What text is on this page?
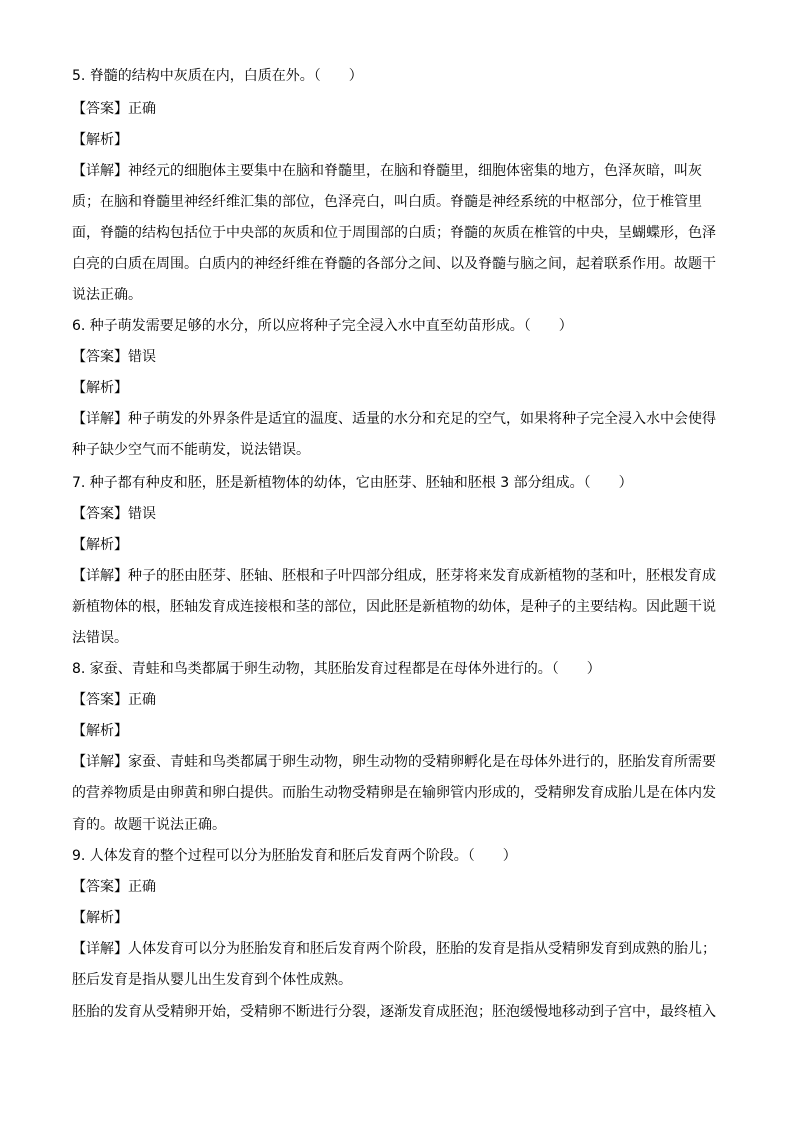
5. 脊髓的结构中灰质在内，白质在外。（　　）
【答案】正确
【解析】
【详解】神经元的细胞体主要集中在脑和脊髓里，在脑和脊髓里，细胞体密集的地方，色泽灰暗，叫灰
质；在脑和脊髓里神经纤维汇集的部位，色泽亮白，叫白质。脊髓是神经系统的中枢部分，位于椎管里
面，脊髓的结构包括位于中央部的灰质和位于周围部的白质；脊髓的灰质在椎管的中央，呈蝴蝶形，色泽
白亮的白质在周围。白质内的神经纤维在脊髓的各部分之间、以及脊髓与脑之间，起着联系作用。故题干
说法正确。
6. 种子萌发需要足够的水分，所以应将种子完全浸入水中直至幼苗形成。（　　）
【答案】错误
【解析】
【详解】种子萌发的外界条件是适宜的温度、适量的水分和充足的空气，如果将种子完全浸入水中会使得
种子缺少空气而不能萌发，说法错误。
7. 种子都有种皮和胚，胚是新植物体的幼体，它由胚芽、胚轴和胚根 3 部分组成。（　　）
【答案】错误
【解析】
【详解】种子的胚由胚芽、胚轴、胚根和子叶四部分组成，胚芽将来发育成新植物的茎和叶，胚根发育成
新植物体的根，胚轴发育成连接根和茎的部位，因此胚是新植物的幼体，是种子的主要结构。因此题干说
法错误。
8. 家蚕、青蛙和鸟类都属于卵生动物，其胚胎发育过程都是在母体外进行的。（　　）
【答案】正确
【解析】
【详解】家蚕、青蛙和鸟类都属于卵生动物，卵生动物的受精卵孵化是在母体外进行的，胚胎发育所需要
的营养物质是由卵黄和卵白提供。而胎生动物受精卵是在输卵管内形成的，受精卵发育成胎儿是在体内发
育的。故题干说法正确。
9. 人体发育的整个过程可以分为胚胎发育和胚后发育两个阶段。（　　）
【答案】正确
【解析】
【详解】人体发育可以分为胚胎发育和胚后发育两个阶段，胚胎的发育是指从受精卵发育到成熟的胎儿；
胚后发育是指从婴儿出生发育到个体性成熟。
胚胎的发育从受精卵开始，受精卵不断进行分裂，逐渐发育成胚泡；胚泡缓慢地移动到子宫中，最终植入
